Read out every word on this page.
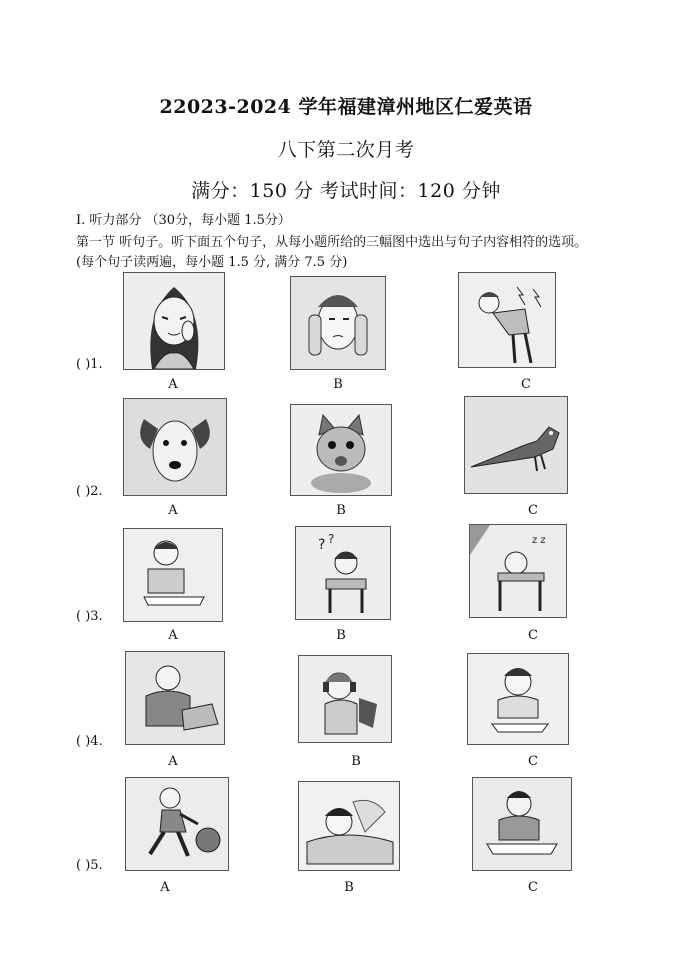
22023-2024 学年福建漳州地区仁爱英语
八下第二次月考
满分：150 分 考试时间：120 分钟
I. 听力部分 （30分，每小题 1.5分）
第一节 听句子。听下面五个句子，从每小题所给的三幅图中选出与句子内容相符的选项。
(每个句子读两遍，每小题 1.5 分, 满分 7.5 分)
( )1.
A	B	C
( )2.
A	B	C
( )3.
? ?	z z
A	B	C
( )4.
A	B	C
( )5.
A	B	C
